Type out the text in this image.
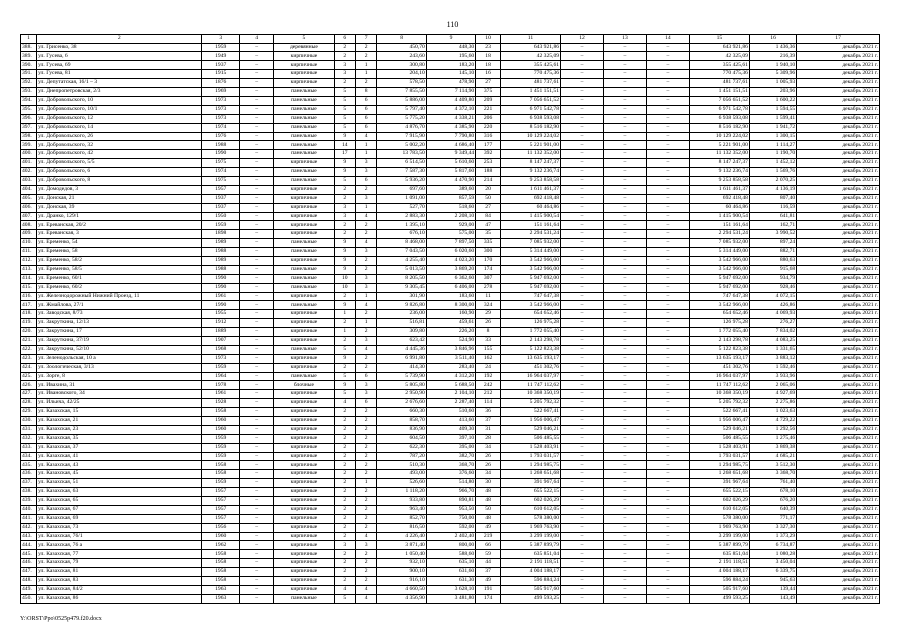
110
1	2	3	4	5	6	7	8	9	10	11	12	13	14	15	16	17
388.	ул. Грисенко, 38	1959	–	деревянные	2	2	450,70	448,30	23	643 921,86	–	–	–	643 921,86	1 436,36	декабрь 2021 г.
389.	ул. Гусева, 6	1949	–	кирпичные	2	2	243,60	195,60	18	42 325,09	–	–	–	42 325,09	216,39	декабрь 2021 г.
390.	ул. Гусева, 69	1937	–	кирпичные	3	1	300,80	183,20	18	355 425,61	–	–	–	355 425,61	1 940,10	декабрь 2021 г.
391.	ул. Гусева, 81	1915	–	кирпичные	3	1	204,10	145,10	16	770 475,36	–	–	–	770 475,36	5 309,96	декабрь 2021 г.
392.	ул. Депутатская, 16/1 – 3	1876	–	кирпичные	2	2	578,50	478,90	27	481 737,61	–	–	–	481 737,61	1 005,93	декабрь 2021 г.
393.	ул. Днепропетровская, 2/3	1969	–	панельные	5	8	7 855,50	7 114,90	375	1 451 151,51	–	–	–	1 451 151,51	203,96	декабрь 2021 г.
394.	ул. Добровольского, 10	1973	–	панельные	5	6	5 886,00	4 409,80	209	7 056 651,52	–	–	–	7 056 651,52	1 600,22	декабрь 2021 г.
395.	ул. Добровольского, 10/1	1973	–	панельные	5	6	5 797,40	4 372,10	221	6 971 542,78	–	–	–	6 971 542,78	1 594,55	декабрь 2021 г.
396.	ул. Добровольского, 12	1973	–	панельные	5	6	5 775,20	4 338,21	206	6 938 593,08	–	–	–	6 938 593,08	1 599,41	декабрь 2021 г.
397.	ул. Добровольского, 14	1974	–	панельные	5	6	4 876,70	4 385,90	220	8 516 182,90	–	–	–	8 516 182,90	1 941,72	декабрь 2021 г.
398.	ул. Добровольского, 26	1976	–	панельные	9	4	7 915,90	7 790,80	316	10 129 224,02	–	–	–	10 129 224,02	1 300,15	декабрь 2021 г.
399.	ул. Добровольского, 32	1988	–	панельные	14	1	5 002,20	4 686,40	177	5 221 901,00	–	–	–	5 221 901,00	1 114,27	декабрь 2021 г.
400.	ул. Добровольского, 42	1990	–	панельные	17	1	13 783,50	9 349,44	392	11 132 352,00	–	–	–	11 132 352,00	1 190,70	декабрь 2021 г.
401.	ул. Добровольского, 5/5	1975	–	кирпичные	9	3	6 514,50	5 610,60	253	8 147 247,37	–	–	–	8 147 247,37	1 452,12	декабрь 2021 г.
402.	ул. Добровольского, 6	1974	–	панельные	9	3	7 587,30	5 817,60	188	9 132 236,74	–	–	–	9 132 236,74	1 569,76	декабрь 2021 г.
403.	ул. Добровольского, 8	1975	–	панельные	5	6	5 936,20	4 470,90	214	9 253 858,58	–	–	–	9 253 858,58	2 070,25	декабрь 2021 г.
404.	ул. Домодедов, 3	1957	–	кирпичные	2	2	697,60	389,60	20	1 611 461,37	–	–	–	1 611 461,37	4 136,19	декабрь 2021 г.
405.	ул. Донская, 21	1937	–	кирпичные	2	3	1 091,00	857,59	50	692 418,48	–	–	–	692 418,48	807,40	декабрь 2021 г.
406.	ул. Донская, 39	1937	–	кирпичные	3	1	527,70	518,60	27	60 464,86	–	–	–	60 464,86	116,59	декабрь 2021 г.
407.	ул. Дранко, 129/1	1950	–	кирпичные	3	4	2 883,30	2 208,10	84	1 415 900,54	–	–	–	1 415 900,54	641,81	декабрь 2021 г.
408.	ул. Ереванская, 20/2	1959	–	кирпичные	2	2	1 395,10	929,00	47	151 161,64	–	–	–	151 161,64	162,71	декабрь 2021 г.
409.	ул. Ереванская, 3	1898	–	кирпичные	2	2	676,10	575,00	35	2 294 531,24	–	–	–	2 294 531,24	3 990,52	декабрь 2021 г.
410.	ул. Еременко, 54	1989	–	панельные	9	4	8 468,00	7 897,50	335	7 085 932,00	–	–	–	7 085 932,00	897,24	декабрь 2021 г.
411.	ул. Еременко, 58	1988	–	панельные	9	3	7 043,50	6 020,60	300	5 314 449,00	–	–	–	5 314 449,00	882,71	декабрь 2021 г.
412.	ул. Еременко, 58/2	1989	–	кирпичные	9	2	4 255,40	4 023,20	170	3 542 966,00	–	–	–	3 542 966,00	880,63	декабрь 2021 г.
413.	ул. Еременко, 58/5	1988	–	панельные	9	2	5 013,50	3 869,20	174	3 542 966,00	–	–	–	3 542 966,00	915,68	декабрь 2021 г.
414.	ул. Еременко, 60/1	1990	–	панельные	10	3	8 205,50	6 362,60	307	5 947 692,00	–	–	–	5 947 692,00	934,79	декабрь 2021 г.
415.	ул. Еременко, 60/2	1990	–	панельные	10	3	9 305,45	6 406,00	278	5 947 692,00	–	–	–	5 947 692,00	928,46	декабрь 2021 г.
416.	ул. Железнодорожный Нижний Проезд, 11	1961	–	кирпичные	2	1	301,90	183,60	11	747 647,38	–	–	–	747 647,38	4 072,15	декабрь 2021 г.
417.	ул. Жмайлова, 27/1	1990	–	панельные	9	4	9 826,80	8 300,00	324	3 542 966,00	–	–	–	3 542 966,00	426,86	декабрь 2021 г.
418.	ул. Заводская, 8/73	1955	–	кирпичные	1	2	236,00	160,90	29	654 652,46	–	–	–	654 652,46	4 069,93	декабрь 2021 г.
419.	ул. Закруткина, 12/13	1912	–	кирпичные	2	1	516,81	459,61	26	126 975,28	–	–	–	126 975,28	276,27	декабрь 2021 г.
420.	ул. Закруткина, 17	1889	–	кирпичные	1	2	309,80	226,20	8	1 772 055,40	–	–	–	1 772 055,40	7 834,02	декабрь 2021 г.
421.	ул. Закруткина, 37/19	1907	–	кирпичные	2	3	623,42	524,90	33	2 143 298,78	–	–	–	2 143 298,78	4 083,25	декабрь 2021 г.
422.	ул. Закруткина, 52/10	1968	–	панельные	5	4	4 445,36	3 846,96	155	5 122 823,38	–	–	–	5 122 823,38	1 331,65	декабрь 2021 г.
423.	ул. Зеленодольская, 10 а	1973	–	кирпичные	9	2	6 991,80	3 511,40	162	13 635 193,17	–	–	–	13 635 193,17	3 883,12	декабрь 2021 г.
424.	ул. Зоологическая, 3/13	1959	–	кирпичные	2	2	414,30	283,40	24	451 302,76	–	–	–	451 302,76	1 592,46	декабрь 2021 г.
425.	ул. Зорге, 8	1964	–	панельные	5	6	5 739,90	4 312,20	192	16 964 037,97	–	–	–	16 964 037,97	3 933,96	декабрь 2021 г.
426.	ул. Ивахина, 31	1978	–	блочные	9	3	5 805,80	5 688,50	242	11 747 112,62	–	–	–	11 747 112,62	2 065,06	декабрь 2021 г.
427.	ул. Ивановского, 34	1961	–	кирпичные	5	3	2 950,90	2 104,10	212	10 368 350,19	–	–	–	10 368 350,19	4 927,69	декабрь 2021 г.
428.	ул. Ильича, 42/25	1928	–	кирпичные	4	6	2 676,60	2 287,40	114	5 205 792,32	–	–	–	5 205 792,32	2 275,86	декабрь 2021 г.
429.	ул. Казахская, 15	1958	–	кирпичные	2	2	660,30	510,60	36	522 667,41	–	–	–	522 667,41	1 023,63	декабрь 2021 г.
430.	ул. Казахская, 21	1960	–	кирпичные	2	2	858,70	413,60	37	1 956 006,47	–	–	–	1 956 006,47	4 729,22	декабрь 2021 г.
431.	ул. Казахская, 23	1960	–	кирпичные	2	2	836,90	409,30	31	529 046,21	–	–	–	529 046,21	1 292,56	декабрь 2021 г.
432.	ул. Казахская, 35	1959	–	кирпичные	2	2	604,50	397,10	28	506 485,55	–	–	–	506 485,55	1 275,46	декабрь 2021 г.
433.	ул. Казахская, 37	1959	–	кирпичные	2	2	622,30	395,00	34	1 528 403,91	–	–	–	1 528 403,91	3 869,38	декабрь 2021 г.
434.	ул. Казахская, 41	1959	–	кирпичные	2	2	787,20	382,70	26	1 793 031,57	–	–	–	1 793 031,57	4 685,21	декабрь 2021 г.
435.	ул. Казахская, 43	1958	–	кирпичные	2	2	510,30	368,70	26	1 294 985,75	–	–	–	1 294 985,75	3 512,30	декабрь 2021 г.
436.	ул. Казахская, 45	1958	–	кирпичные	2	2	493,00	376,60	34	1 268 651,68	–	–	–	1 268 651,68	3 368,70	декабрь 2021 г.
437.	ул. Казахская, 51	1959	–	кирпичные	2	1	526,60	514,80	30	391 967,64	–	–	–	391 967,64	761,40	декабрь 2021 г.
438.	ул. Казахская, 63	1957	–	кирпичные	2	2	1 118,20	966,70	48	655 522,15	–	–	–	655 522,15	678,10	декабрь 2021 г.
439.	ул. Казахская, 65	1957	–	кирпичные	2	2	933,80	890,81	48	602 026,29	–	–	–	602 026,29	676,20	декабрь 2021 г.
440.	ул. Казахская, 67	1957	–	кирпичные	2	2	963,40	953,50	50	610 612,05	–	–	–	610 612,05	640,39	декабрь 2021 г.
441.	ул. Казахская, 69	1957	–	кирпичные	2	2	852,70	750,00	48	578 380,00	–	–	–	578 380,00	771,17	декабрь 2021 г.
442.	ул. Казахская, 73	1956	–	кирпичные	2	2	816,50	592,00	49	1 969 763,90	–	–	–	1 969 763,90	3 327,30	декабрь 2021 г.
443.	ул. Казахская, 76/1	1960	–	кирпичные	2	4	4 226,40	2 402,40	219	3 299 199,00	–	–	–	3 299 199,00	1 373,29	декабрь 2021 г.
444.	ул. Казахская, 76 а	1962	–	кирпичные	3	3	3 871,40	800,00	66	5 387 899,79	–	–	–	5 387 899,79	6 734,87	декабрь 2021 г.
445.	ул. Казахская, 77	1958	–	кирпичные	2	2	1 050,40	588,60	59	635 851,04	–	–	–	635 851,04	1 080,28	декабрь 2021 г.
446.	ул. Казахская, 79	1958	–	кирпичные	2	2	932,10	635,10	44	2 191 118,51	–	–	–	2 191 118,51	3 450,04	декабрь 2021 г.
447.	ул. Казахская, 81	1958	–	кирпичные	2	2	900,10	631,60	37	4 004 188,17	–	–	–	4 004 188,17	6 339,75	декабрь 2021 г.
448.	ул. Казахская, 83	1958	–	кирпичные	2	2	916,10	631,30	49	596 884,24	–	–	–	596 884,24	945,63	декабрь 2021 г.
449.	ул. Казахская, 84/2	1963	–	кирпичные	4	4	4 660,50	3 628,10	191	505 917,60	–	–	–	505 917,60	139,44	декабрь 2021 г.
450.	ул. Казахская, 86	1963	–	панельные	5	4	4 356,90	3 481,80	174	499 593,25	–	–	–	499 593,25	143,49	декабрь 2021 г.
Y:\ORST\Ppo\0525p479.f20.docx
